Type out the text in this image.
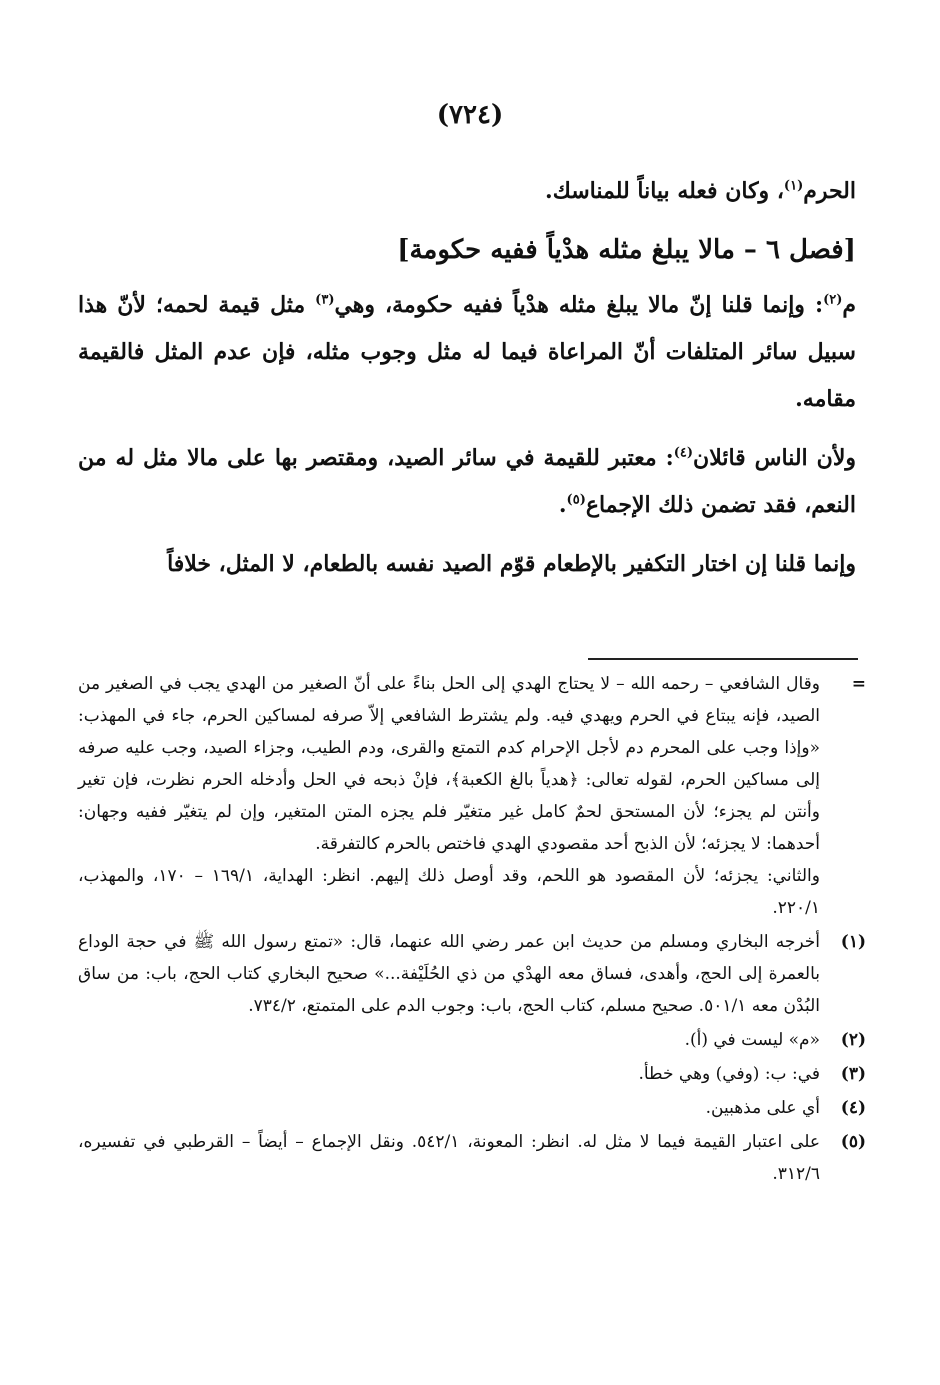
(٧٢٤)

الحرم$^{(١)}$، وكان فعله بياناً للمناسك.

[فصل ٦ – مالا يبلغ مثله هدْياً ففيه حكومة]

م$^{(٢)}$: وإنما قلنا إنّ مالا يبلغ مثله هدْياً ففيه حكومة، وهي$^{(٣)}$ مثل قيمة لحمه؛ لأنّ هذا سبيل سائر المتلفات أنّ المراعاة فيما له مثل وجوب مثله، فإن عدم المثل فالقيمة مقامه.

ولأن الناس قائلان$^{(٤)}$: معتبر للقيمة في سائر الصيد، ومقتصر بها على مالا مثل له من النعم، فقد تضمن ذلك الإجماع$^{(٥)}$.

وإنما قلنا إن اختار التكفير بالإطعام قوّم الصيد نفسه بالطعام، لا المثل، خلافاً

=

وقال الشافعي – رحمه الله – لا يحتاج الهدي إلى الحل بناءً على أنّ الصغير من الهدي يجب في الصغير من الصيد، فإنه يبتاع في الحرم ويهدي فيه. ولم يشترط الشافعي إلاّ صرفه لمساكين الحرم، جاء في المهذب: «وإذا وجب على المحرم دم لأجل الإحرام كدم التمتع والقرى، ودم الطيب، وجزاء الصيد، وجب عليه صرفه إلى مساكين الحرم، لقوله تعالى: ﴿هدياً بالغ الكعبة﴾، فإنْ ذبحه في الحل وأدخله الحرم نظرت، فإن تغير وأنتن لم يجزء؛ لأن المستحق لحمٌ كامل غير متغيّر فلم يجزه المتن المتغير، وإن لم يتغيّر ففيه وجهان: أحدهما: لا يجزئه؛ لأن الذبح أحد مقصودي الهدي فاختص بالحرم كالتفرقة.

والثاني: يجزئه؛ لأن المقصود هو اللحم، وقد أوصل ذلك إليهم. انظر: الهداية، ١٦٩/١ – ١٧٠، والمهذب، ٢٢٠/١.

(١)
أخرجه البخاري ومسلم من حديث ابن عمر رضي الله عنهما، قال: «تمتع رسول الله ﷺ في حجة الوداع بالعمرة إلى الحج، وأهدى، فساق معه الهدْي من ذي الحُلَيْفة...» صحيح البخاري كتاب الحج، باب: من ساق البُدْن معه ٥٠١/١. صحيح مسلم، كتاب الحج، باب: وجوب الدم على المتمتع، ٧٣٤/٢.
(٢)
«م» ليست في (أ).
(٣)
في: ب: (وفي) وهي خطأ.
(٤)
أي على مذهبين.
(٥)
على اعتبار القيمة فيما لا مثل له. انظر: المعونة، ٥٤٢/١. ونقل الإجماع – أيضاً – القرطبي في تفسيره، ٣١٢/٦.
